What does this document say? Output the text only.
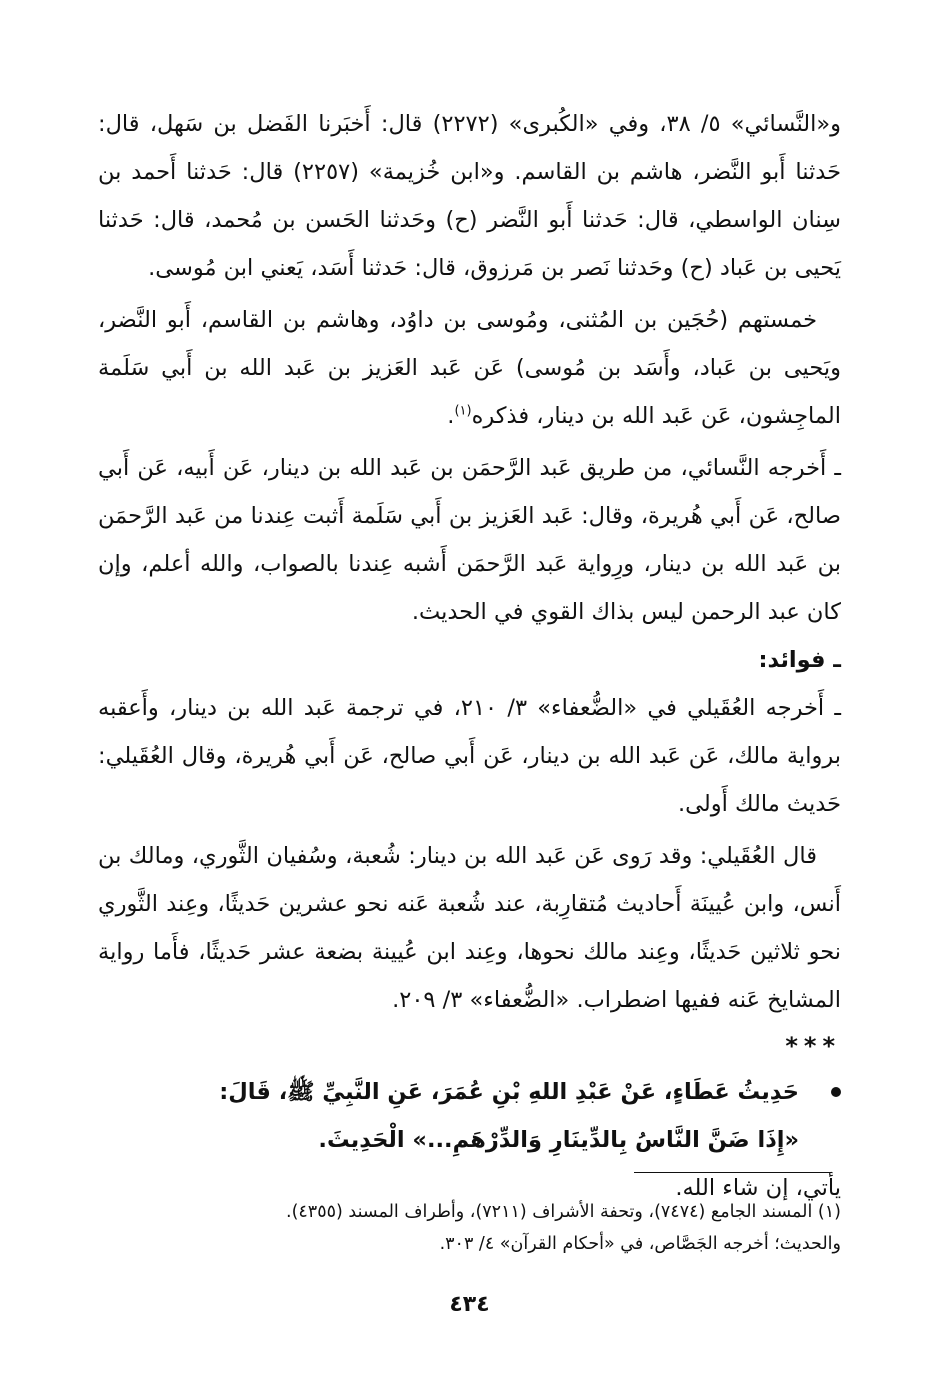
و«النَّسائي» ٥/ ٣٨، وفي «الكُبرى» (٢٢٧٢) قال: أَخبَرنا الفَضل بن سَهل، قال: حَدثنا أَبو النَّضر، هاشم بن القاسم. و«ابن خُزيمة» (٢٢٥٧) قال: حَدثنا أَحمد بن سِنان الواسطي، قال: حَدثنا أَبو النَّضر (ح) وحَدثنا الحَسن بن مُحمد، قال: حَدثنا يَحيى بن عَباد (ح) وحَدثنا نَصر بن مَرزوق، قال: حَدثنا أَسَد، يَعني ابن مُوسى.

خمستهم (حُجَين بن المُثنى، ومُوسى بن داوُد، وهاشم بن القاسم، أَبو النَّضر، ويَحيى بن عَباد، وأَسَد بن مُوسى) عَن عَبد العَزيز بن عَبد الله بن أَبي سَلَمة الماجِشون، عَن عَبد الله بن دينار، فذكره$^{(١)}$.

ـ أَخرجه النَّسائي، من طريق عَبد الرَّحمَن بن عَبد الله بن دينار، عَن أَبيه، عَن أَبي صالح، عَن أَبي هُريرة، وقال: عَبد العَزيز بن أَبي سَلَمة أَثبت عِندنا من عَبد الرَّحمَن بن عَبد الله بن دينار، ورِواية عَبد الرَّحمَن أَشبه عِندنا بالصواب، والله أعلم، وإن كان عبد الرحمن ليس بذاك القوي في الحديث.

ـ فوائد:

ـ أَخرجه العُقَيلي في «الضُّعفاء» ٣/ ٢١٠، في ترجمة عَبد الله بن دينار، وأَعقبه برواية مالك، عَن عَبد الله بن دينار، عَن أَبي صالح، عَن أَبي هُريرة، وقال العُقَيلي: حَديث مالك أَولى.

قال العُقَيلي: وقد رَوى عَن عَبد الله بن دينار: شُعبة، وسُفيان الثَّوري، ومالك بن أَنس، وابن عُيينَة أَحاديث مُتقارِبة، عند شُعبة عَنه نحو عشرين حَديثًا، وعِند الثَّوري نحو ثلاثين حَديثًا، وعِند مالك نحوها، وعِند ابن عُيينة بضعة عشر حَديثًا، فأَما رواية المشايخ عَنه ففيها اضطراب. «الضُّعفاء» ٣/ ٢٠٩.

***
حَدِيثُ عَطَاءٍ، عَنْ عَبْدِ اللهِ بْنِ عُمَرَ، عَنِ النَّبِيِّ ﷺ، قَالَ:
«إِذَا ضَنَّ النَّاسُ بِالدِّينَارِ وَالدِّرْهَمِ...» الْحَدِيثَ.

يأتي، إن شاء الله.

(١) المسند الجامع (٧٤٧٤)، وتحفة الأشراف (٧٢١١)، وأطراف المسند (٤٣٥٥).
والحديث؛ أخرجه الجَصَّاص، في «أحكام القرآن» ٤/ ٣٠٣.
٤٣٤
